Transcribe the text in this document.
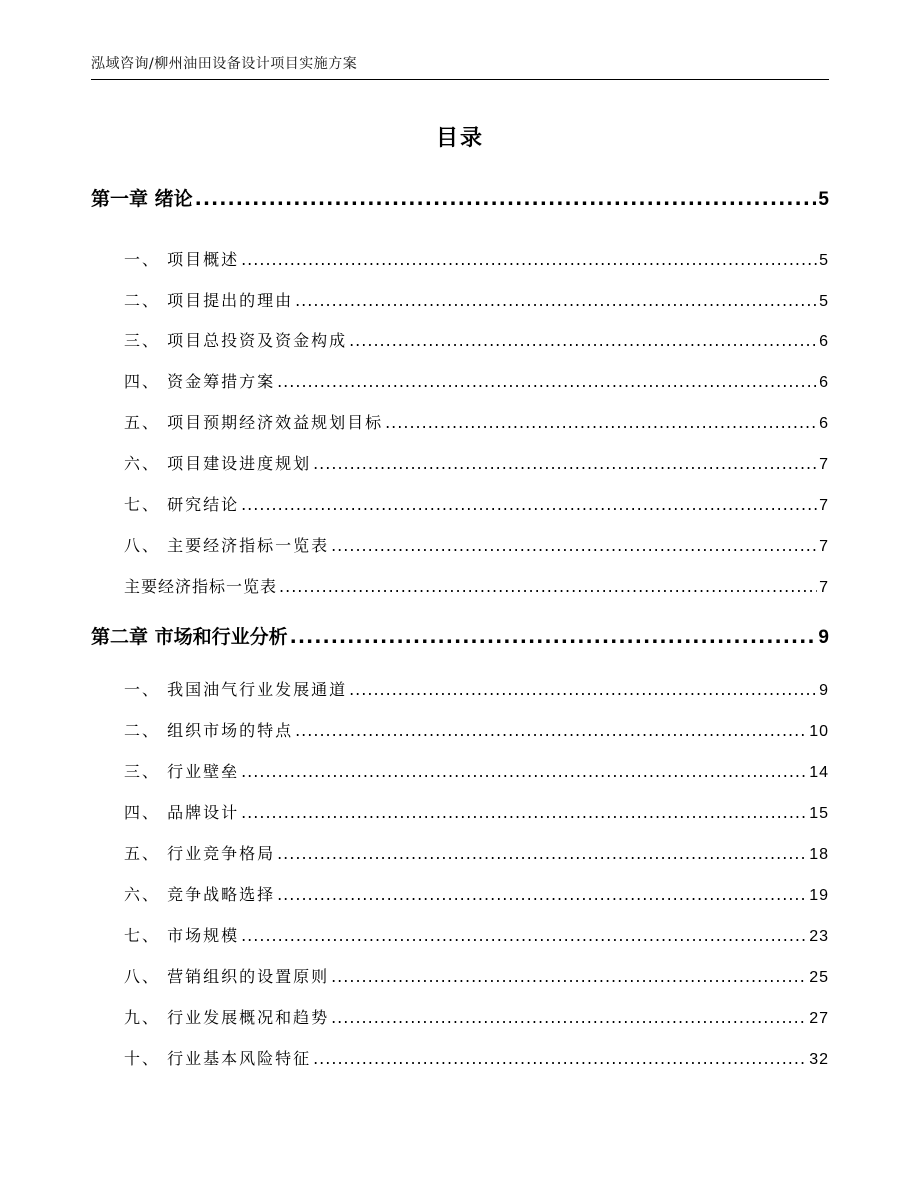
泓域咨询/柳州油田设备设计项目实施方案
目录
第一章 绪论 .....	5
一、 项目概述 .....	5
二、 项目提出的理由 .....	5
三、 项目总投资及资金构成 .....	6
四、 资金筹措方案 .....	6
五、 项目预期经济效益规划目标 .....	6
六、 项目建设进度规划 .....	7
七、 研究结论 .....	7
八、 主要经济指标一览表 .....	7
主要经济指标一览表 .....	7
第二章 市场和行业分析 .....	9
一、 我国油气行业发展通道 .....	9
二、 组织市场的特点 .....	10
三、 行业壁垒 .....	14
四、 品牌设计 .....	15
五、 行业竞争格局 .....	18
六、 竞争战略选择 .....	19
七、 市场规模 .....	23
八、 营销组织的设置原则 .....	25
九、 行业发展概况和趋势 .....	27
十、 行业基本风险特征 .....	32
